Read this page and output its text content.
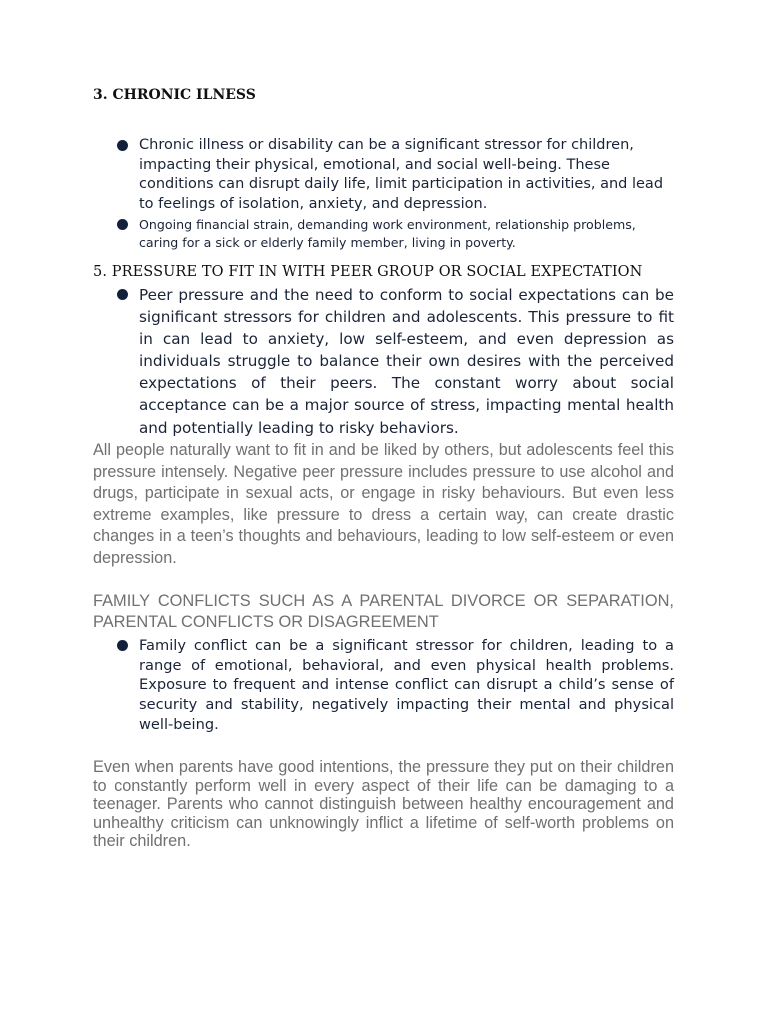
3. CHRONIC ILNESS
Chronic illness or disability can be a significant stressor for children, impacting their physical, emotional, and social well-being. These conditions can disrupt daily life, limit participation in activities, and lead to feelings of isolation, anxiety, and depression.
Ongoing financial strain, demanding work environment, relationship problems, caring for a sick or elderly family member, living in poverty.
5. PRESSURE TO FIT IN WITH PEER GROUP OR SOCIAL EXPECTATION
Peer pressure and the need to conform to social expectations can be significant stressors for children and adolescents. This pressure to fit in can lead to anxiety, low self-esteem, and even depression as individuals struggle to balance their own desires with the perceived expectations of their peers. The constant worry about social acceptance can be a major source of stress, impacting mental health and potentially leading to risky behaviors.

All people naturally want to fit in and be liked by others, but adolescents feel this pressure intensely. Negative peer pressure includes pressure to use alcohol and drugs, participate in sexual acts, or engage in risky behaviours. But even less extreme examples, like pressure to dress a certain way, can create drastic changes in a teen’s thoughts and behaviours, leading to low self-esteem or even depression.

FAMILY CONFLICTS SUCH AS A PARENTAL DIVORCE OR SEPARATION, PARENTAL CONFLICTS OR DISAGREEMENT

Family conflict can be a significant stressor for children, leading to a range of emotional, behavioral, and even physical health problems. Exposure to frequent and intense conflict can disrupt a child’s sense of security and stability, negatively impacting their mental and physical well-being.

Even when parents have good intentions, the pressure they put on their children to constantly perform well in every aspect of their life can be damaging to a teenager. Parents who cannot distinguish between healthy encouragement and unhealthy criticism can unknowingly inflict a lifetime of self-worth problems on their children.
